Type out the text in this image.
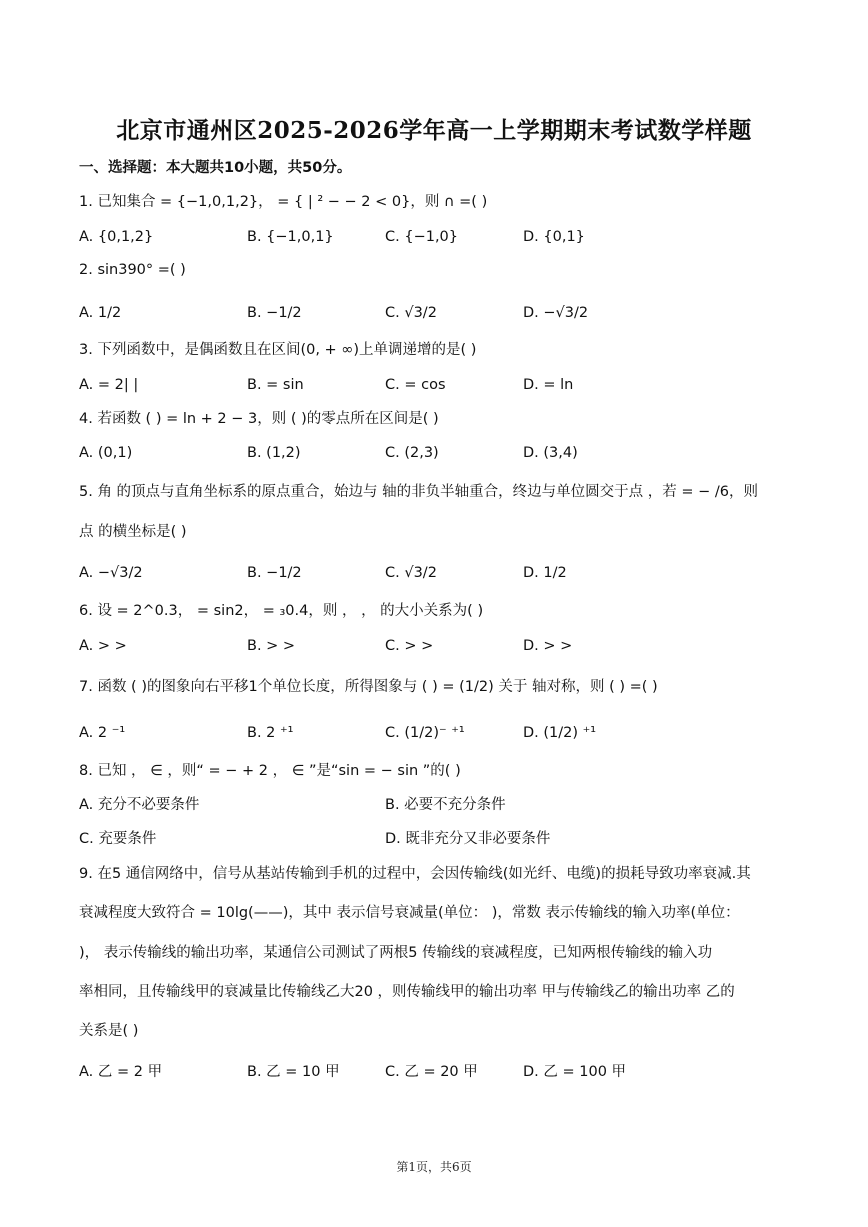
北京市通州区2025-2026学年高一上学期期末考试数学样题
一、选择题：本大题共10小题，共50分。
1. 已知集合 = {−1,0,1,2}， = { | ² − − 2 < 0}，则 ∩ =( )
A. {0,1,2}	B. {−1,0,1}	C. {−1,0}	D. {0,1}
2. sin390° =( )
A. 1/2	B. −1/2	C. √3/2	D. −√3/2
3. 下列函数中，是偶函数且在区间(0, + ∞)上单调递增的是( )
A. = 2| |	B. = sin	C. = cos	D. = ln
4. 若函数 ( ) = ln + 2 − 3，则 ( )的零点所在区间是( )
A. (0,1)	B. (1,2)	C. (2,3)	D. (3,4)
5. 角 的顶点与直角坐标系的原点重合，始边与 轴的非负半轴重合，终边与单位圆交于点 ，若 = − /6，则
点 的横坐标是( )
A. −√3/2	B. −1/2	C. √3/2	D. 1/2
6. 设 = 2^0.3， = sin2， = ₃0.4，则 ， ， 的大小关系为( )
A. > >	B. > >	C. > >	D. > >
7. 函数 ( )的图象向右平移1个单位长度，所得图象与 ( ) = (1/2) 关于 轴对称，则 ( ) =( )
A. 2 ⁻¹	B. 2 ⁺¹	C. (1/2)⁻ ⁺¹	D. (1/2) ⁺¹
8. 已知 ， ∈ ，则“ = − + 2 ， ∈ ”是“sin = − sin ”的( )
A. 充分不必要条件	B. 必要不充分条件
C. 充要条件	D. 既非充分又非必要条件
9. 在5 通信网络中，信号从基站传输到手机的过程中，会因传输线(如光纤、电缆)的损耗导致功率衰减.其
衰减程度大致符合 = 10lg(——)，其中 表示信号衰减量(单位： )，常数 表示传输线的输入功率(单位：
)， 表示传输线的输出功率，某通信公司测试了两根5 传输线的衰减程度，已知两根传输线的输入功
率相同，且传输线甲的衰减量比传输线乙大20 ，则传输线甲的输出功率 甲与传输线乙的输出功率 乙的
关系是( )
A. 乙 = 2 甲	B. 乙 = 10 甲	C. 乙 = 20 甲	D. 乙 = 100 甲
第1页，共6页
